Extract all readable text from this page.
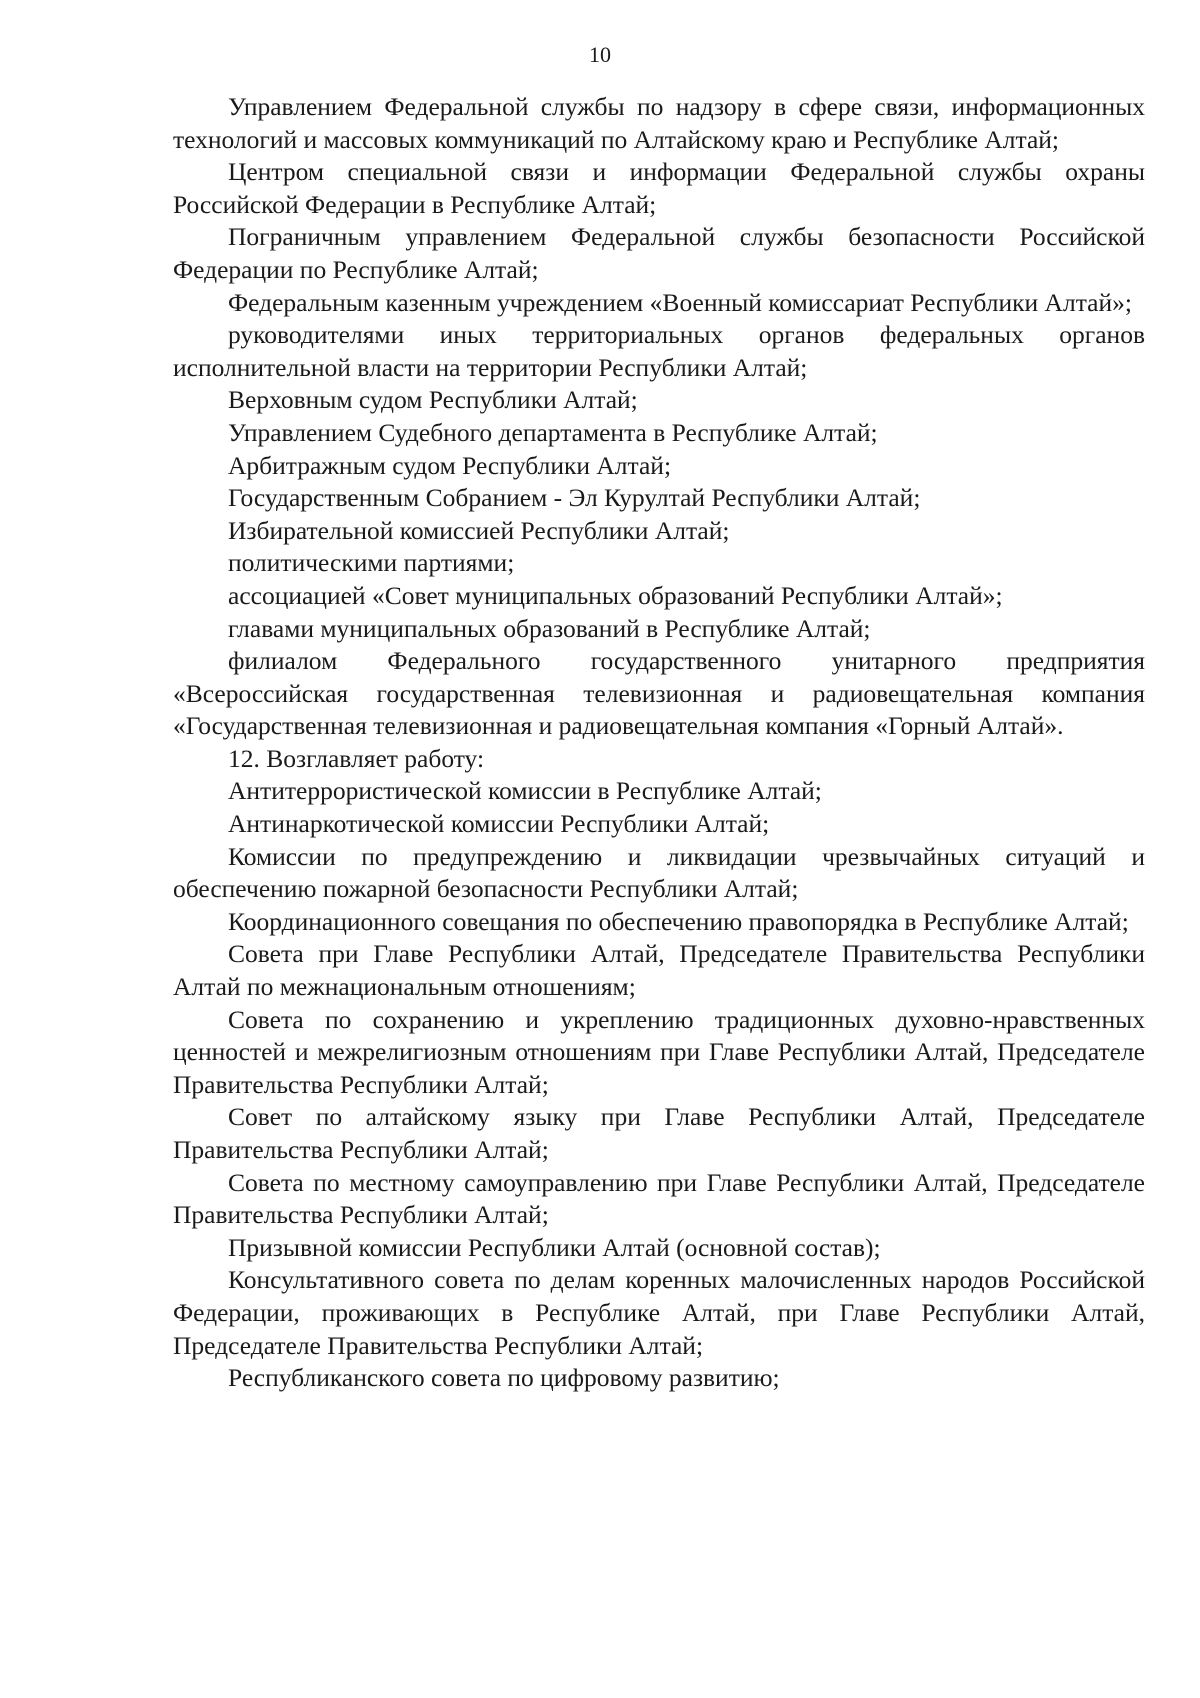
10

Управлением Федеральной службы по надзору в сфере связи, информационных технологий и массовых коммуникаций по Алтайскому краю и Республике Алтай;

Центром специальной связи и информации Федеральной службы охраны Российской Федерации в Республике Алтай;

Пограничным управлением Федеральной службы безопасности Российской Федерации по Республике Алтай;

Федеральным казенным учреждением «Военный комиссариат Республики Алтай»;

руководителями иных территориальных органов федеральных органов исполнительной власти на территории Республики Алтай;

Верховным судом Республики Алтай;

Управлением Судебного департамента в Республике Алтай;

Арбитражным судом Республики Алтай;

Государственным Собранием - Эл Курултай Республики Алтай;

Избирательной комиссией Республики Алтай;

политическими партиями;

ассоциацией «Совет муниципальных образований Республики Алтай»;

главами муниципальных образований в Республике Алтай;

филиалом Федерального государственного унитарного предприятия «Всероссийская государственная телевизионная и радиовещательная компания «Государственная телевизионная и радиовещательная компания «Горный Алтай».

12. Возглавляет работу:

Антитеррористической комиссии в Республике Алтай;

Антинаркотической комиссии Республики Алтай;

Комиссии по предупреждению и ликвидации чрезвычайных ситуаций и обеспечению пожарной безопасности Республики Алтай;

Координационного совещания по обеспечению правопорядка в Республике Алтай;

Совета при Главе Республики Алтай, Председателе Правительства Республики Алтай по межнациональным отношениям;

Совета по сохранению и укреплению традиционных духовно-нравственных ценностей и межрелигиозным отношениям при Главе Республики Алтай, Председателе Правительства Республики Алтай;

Совет по алтайскому языку при Главе Республики Алтай, Председателе Правительства Республики Алтай;

Совета по местному самоуправлению при Главе Республики Алтай, Председателе Правительства Республики Алтай;

Призывной комиссии Республики Алтай (основной состав);

Консультативного совета по делам коренных малочисленных народов Российской Федерации, проживающих в Республике Алтай, при Главе Республики Алтай, Председателе Правительства Республики Алтай;

Республиканского совета по цифровому развитию;
